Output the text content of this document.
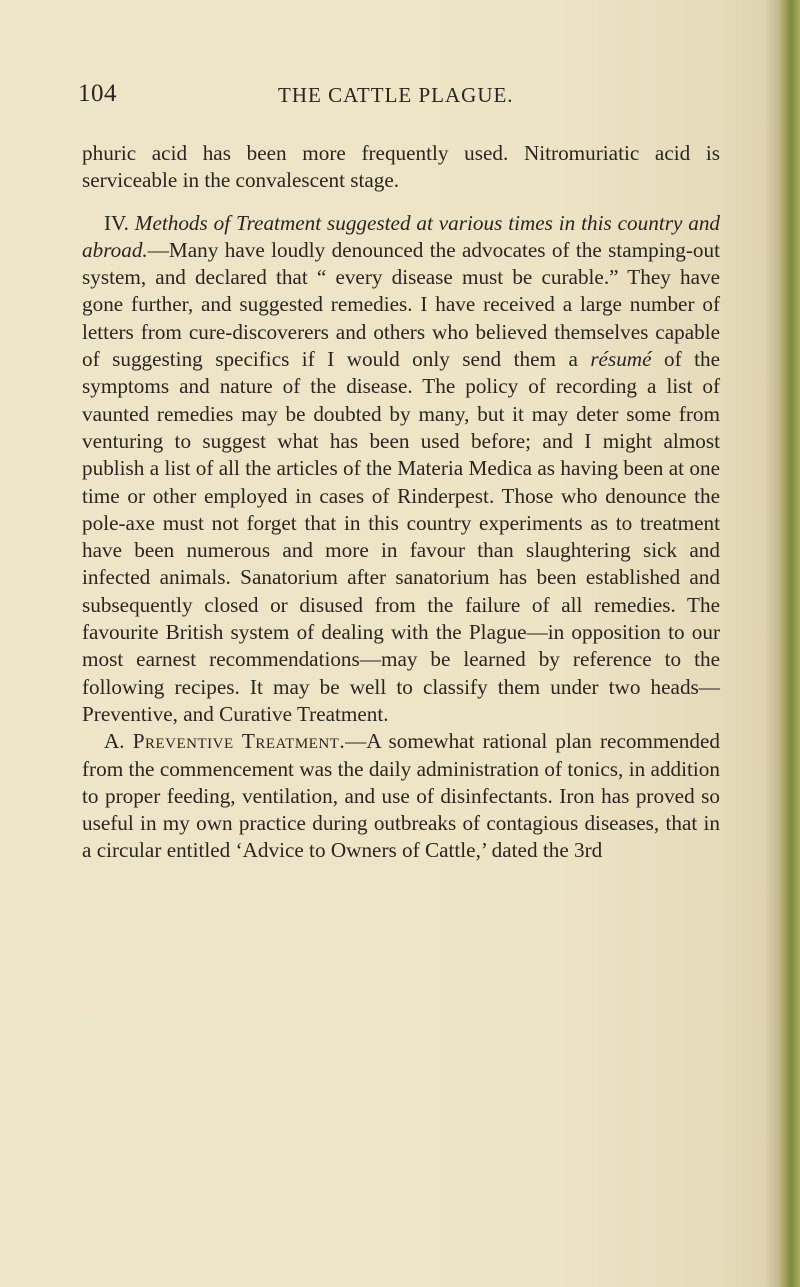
104	THE CATTLE PLAGUE.

phuric acid has been more frequently used. Nitromuriatic acid is serviceable in the convalescent stage.

IV. Methods of Treatment suggested at various times in this country and abroad.—Many have loudly denounced the advocates of the stamping-out system, and declared that “ every disease must be curable.” They have gone further, and suggested remedies. I have received a large number of letters from cure-discoverers and others who believed themselves capable of suggesting specifics if I would only send them a résumé of the symptoms and nature of the disease. The policy of recording a list of vaunted remedies may be doubted by many, but it may deter some from venturing to suggest what has been used before; and I might almost publish a list of all the articles of the Materia Medica as having been at one time or other employed in cases of Rinderpest. Those who denounce the pole-axe must not forget that in this country experiments as to treatment have been numerous and more in favour than slaughtering sick and infected animals. Sanatorium after sanatorium has been established and subsequently closed or disused from the failure of all remedies. The favourite British system of dealing with the Plague—in opposition to our most earnest recommendations—may be learned by reference to the following recipes. It may be well to classify them under two heads—Preventive, and Curative Treatment.

A. Preventive Treatment.—A somewhat rational plan recommended from the commencement was the daily administration of tonics, in addition to proper feeding, ventilation, and use of disinfectants. Iron has proved so useful in my own practice during outbreaks of contagious diseases, that in a circular entitled ‘Advice to Owners of Cattle,’ dated the 3rd
